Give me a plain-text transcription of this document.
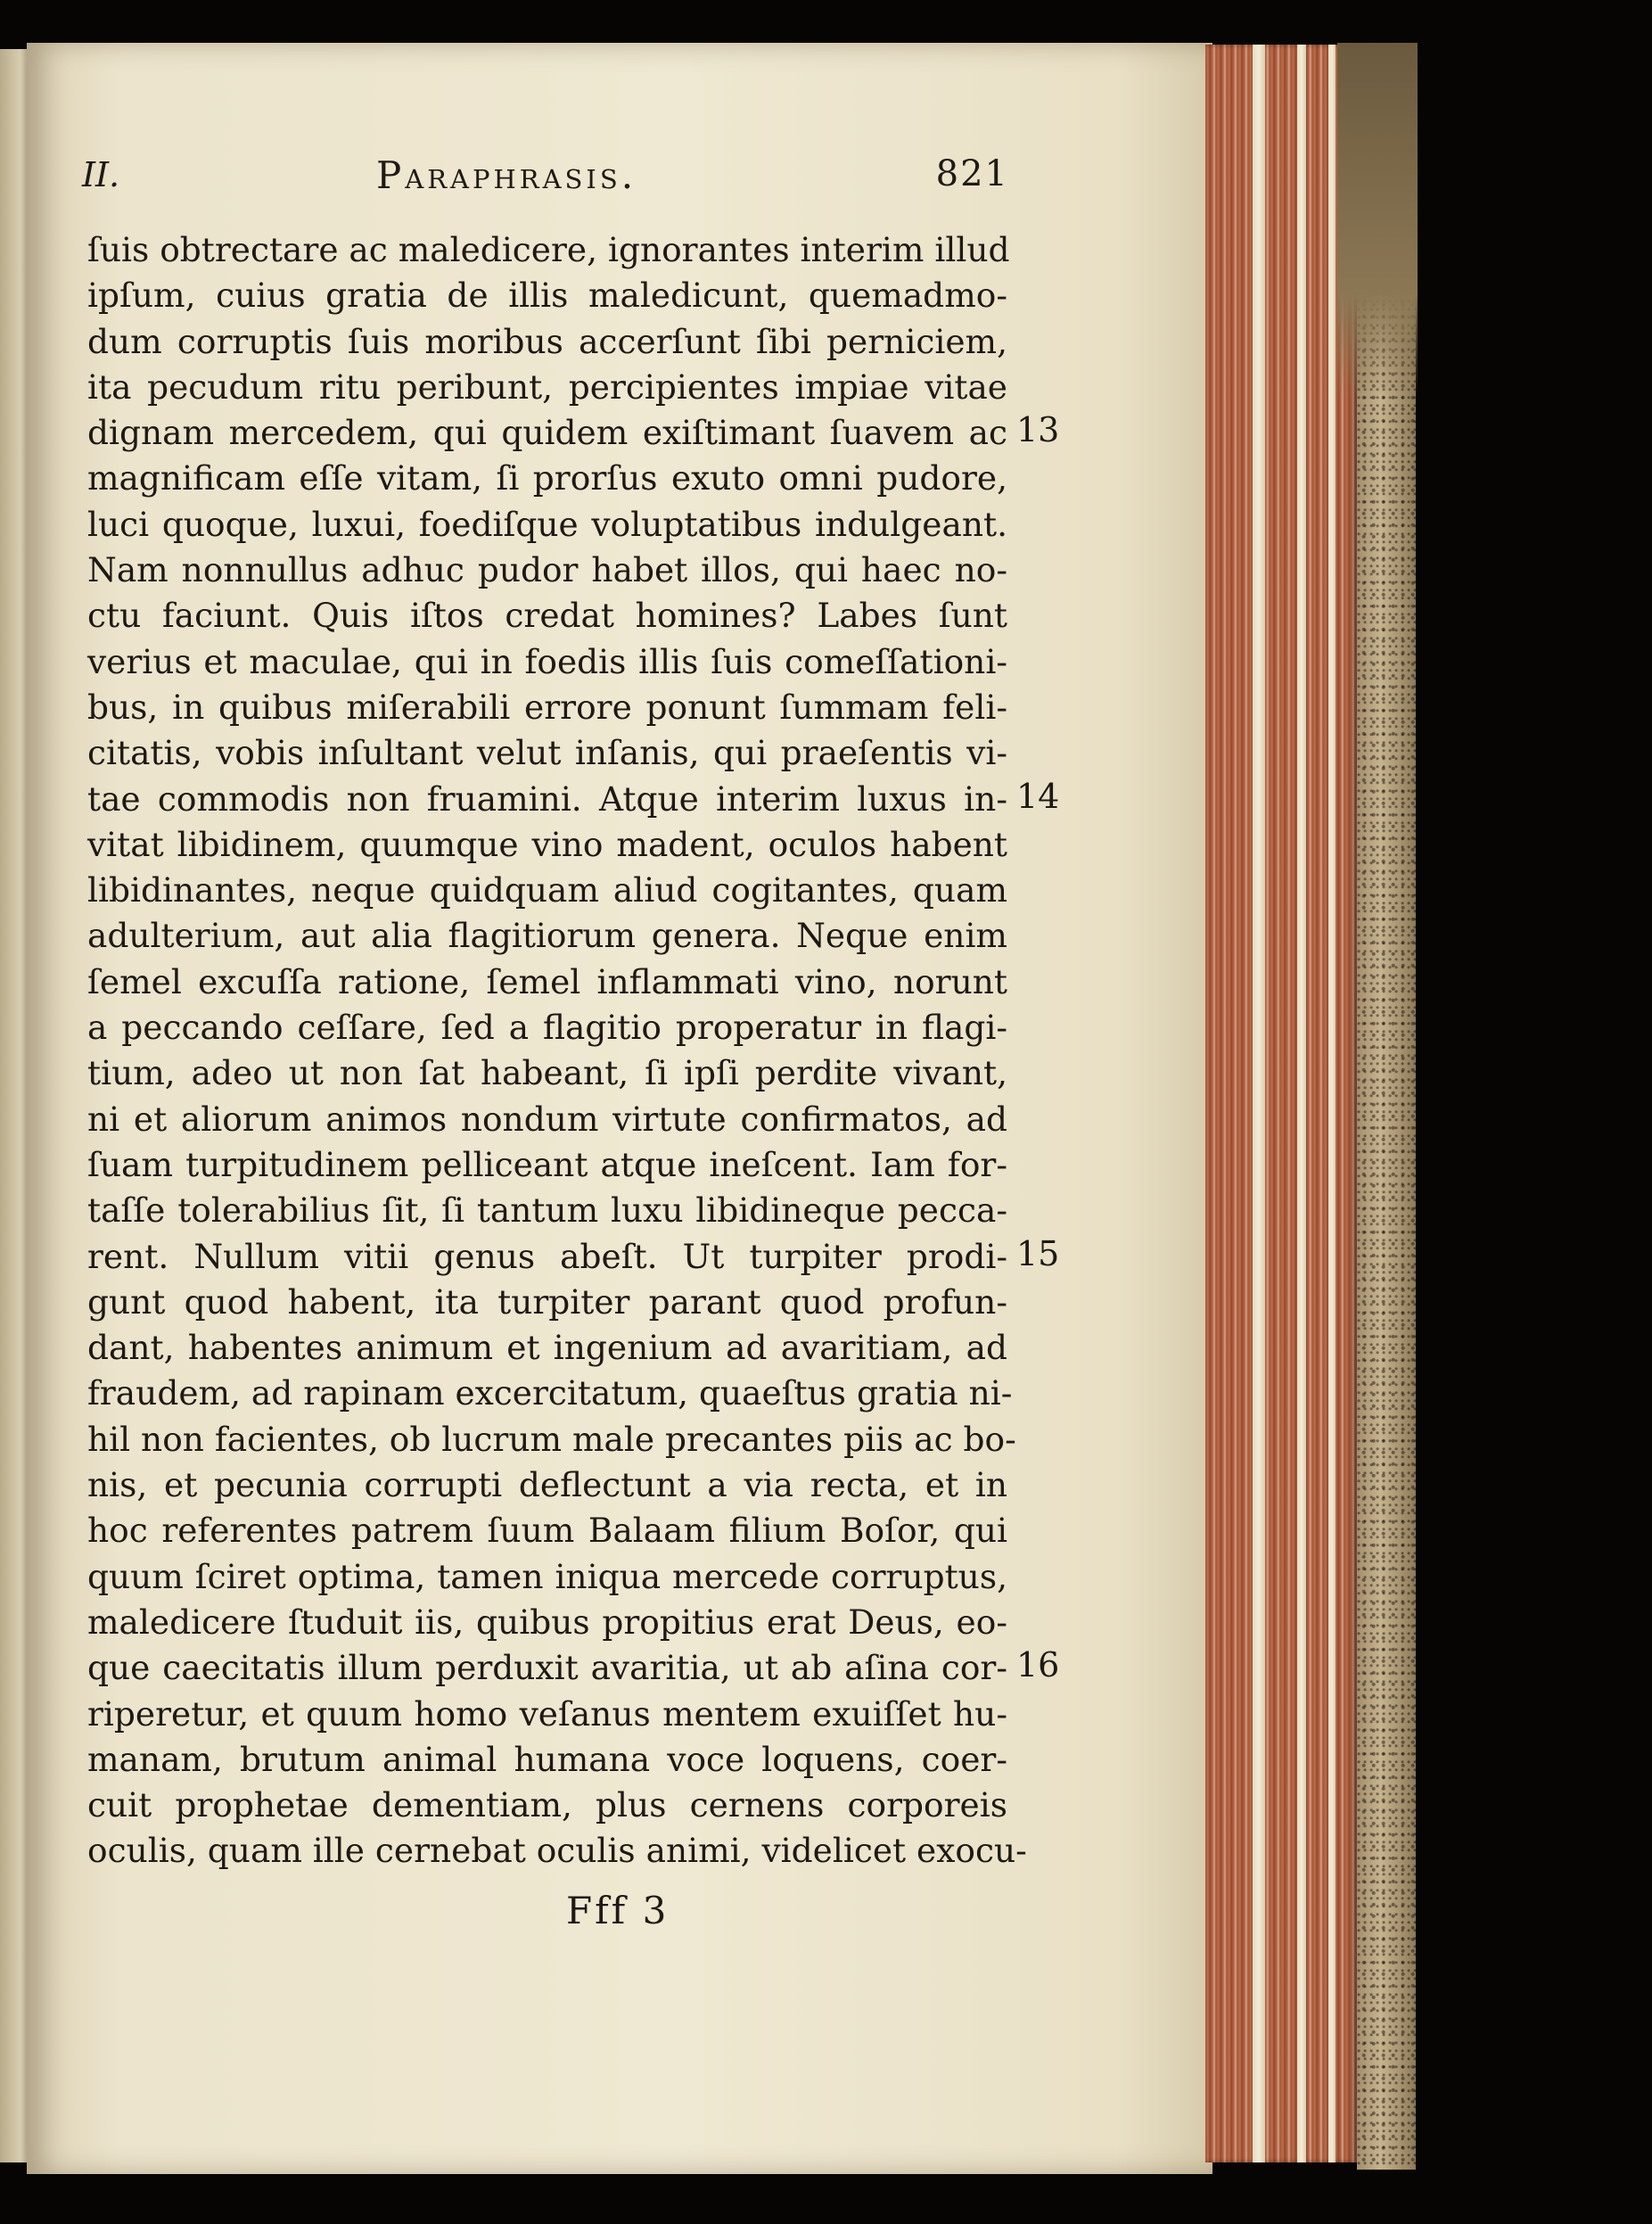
II.	Paraphrasis.	821
ſuis obtrectare ac maledicere, ignorantes interim illud
ipſum, cuius gratia de illis maledicunt, quemadmo-
dum corruptis ſuis moribus accerſunt ſibi perniciem,
ita pecudum ritu peribunt, percipientes impiae vitae
dignam mercedem, qui quidem exiſtimant ſuavem ac
magnificam eſſe vitam, ſi prorſus exuto omni pudore,
luci quoque, luxui, foediſque voluptatibus indulgeant.
Nam nonnullus adhuc pudor habet illos, qui haec no-
ctu faciunt. Quis iſtos credat homines? Labes ſunt
verius et maculae, qui in foedis illis ſuis comeſſationi-
bus, in quibus miſerabili errore ponunt ſummam feli-
citatis, vobis inſultant velut inſanis, qui praeſentis vi-
tae commodis non fruamini. Atque interim luxus in-
vitat libidinem, quumque vino madent, oculos habent
libidinantes, neque quidquam aliud cogitantes, quam
adulterium, aut alia flagitiorum genera. Neque enim
ſemel excuſſa ratione, ſemel inflammati vino, norunt
a peccando ceſſare, ſed a flagitio properatur in flagi-
tium, adeo ut non ſat habeant, ſi ipſi perdite vivant,
ni et aliorum animos nondum virtute confirmatos, ad
ſuam turpitudinem pelliceant atque ineſcent. Iam for-
taſſe tolerabilius ſit, ſi tantum luxu libidineque pecca-
rent. Nullum vitii genus abeſt. Ut turpiter prodi-
gunt quod habent, ita turpiter parant quod profun-
dant, habentes animum et ingenium ad avaritiam, ad
fraudem, ad rapinam excercitatum, quaeſtus gratia ni-
hil non facientes, ob lucrum male precantes piis ac bo-
nis, et pecunia corrupti deflectunt a via recta, et in
hoc referentes patrem ſuum Balaam filium Boſor, qui
quum ſciret optima, tamen iniqua mercede corruptus,
maledicere ſtuduit iis, quibus propitius erat Deus, eo-
que caecitatis illum perduxit avaritia, ut ab aſina cor-
riperetur, et quum homo veſanus mentem exuiſſet hu-
manam, brutum animal humana voce loquens, coer-
cuit prophetae dementiam, plus cernens corporeis
oculis, quam ille cernebat oculis animi, videlicet exocu-
13
14
15
16
Fff 3
